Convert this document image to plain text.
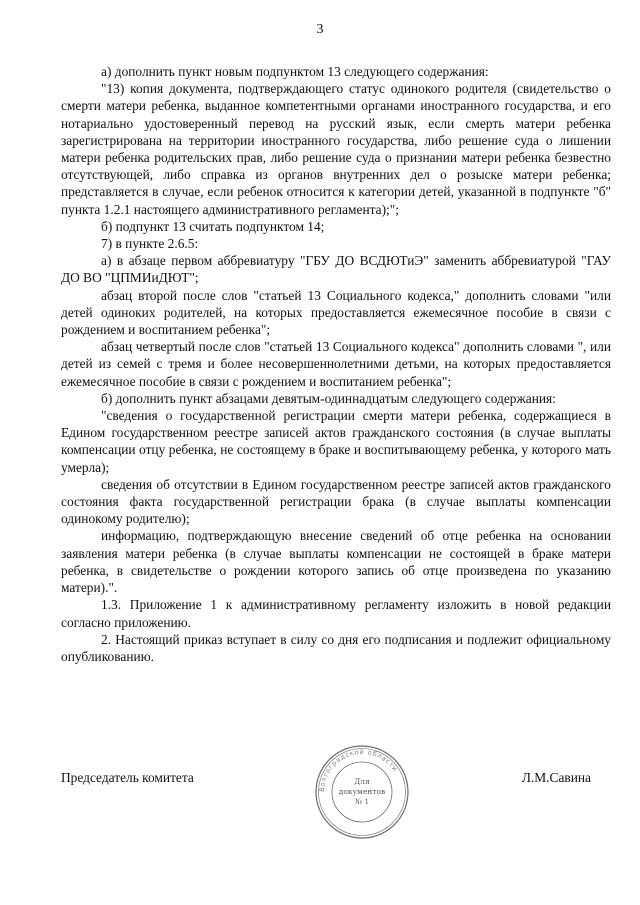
3

а) дополнить пункт новым подпунктом 13 следующего содержания:

"13) копия документа, подтверждающего статус одинокого родителя (свидетельство о смерти матери ребенка, выданное компетентными органами иностранного государства, и его нотариально удостоверенный перевод на русский язык, если смерть матери ребенка зарегистрирована на территории иностранного государства, либо решение суда о лишении матери ребенка родительских прав, либо решение суда о признании матери ребенка безвестно отсутствующей, либо справка из органов внутренних дел о розыске матери ребенка; представляется в случае, если ребенок относится к категории детей, указанной в подпункте "б" пункта 1.2.1 настоящего административного регламента);";

б) подпункт 13 считать подпунктом 14;

7) в пункте 2.6.5:

а) в абзаце первом аббревиатуру "ГБУ ДО ВСДЮТиЭ" заменить аббревиатурой "ГАУ ДО ВО "ЦПМИиДЮТ";

абзац второй после слов "статьей 13 Социального кодекса," дополнить словами "или детей одиноких родителей, на которых предоставляется ежемесячное пособие в связи с рождением и воспитанием ребенка";

абзац четвертый после слов "статьей 13 Социального кодекса" дополнить словами ", или детей из семей с тремя и более несовершеннолетними детьми, на которых предоставляется ежемесячное пособие в связи с рождением и воспитанием ребенка";

б) дополнить пункт абзацами девятым-одиннадцатым следующего содержания:

"сведения о государственной регистрации смерти матери ребенка, содержащиеся в Едином государственном реестре записей актов гражданского состояния (в случае выплаты компенсации отцу ребенка, не состоящему в браке и воспитывающему ребенка, у которого мать умерла);

сведения об отсутствии в Едином государственном реестре записей актов гражданского состояния факта государственной регистрации брака (в случае выплаты компенсации одинокому родителю);

информацию, подтверждающую внесение сведений об отце ребенка на основании заявления матери ребенка (в случае выплаты компенсации не состоящей в браке матери ребенка, в свидетельстве о рождении которого запись об отце произведена по указанию матери).".

1.3. Приложение 1 к административному регламенту изложить в новой редакции согласно приложению.

2. Настоящий приказ вступает в силу со дня его подписания и подлежит официальному опубликованию.

Председатель комитета	Л.М.Савина
Волгоградской области
Для
документов
№ 1
